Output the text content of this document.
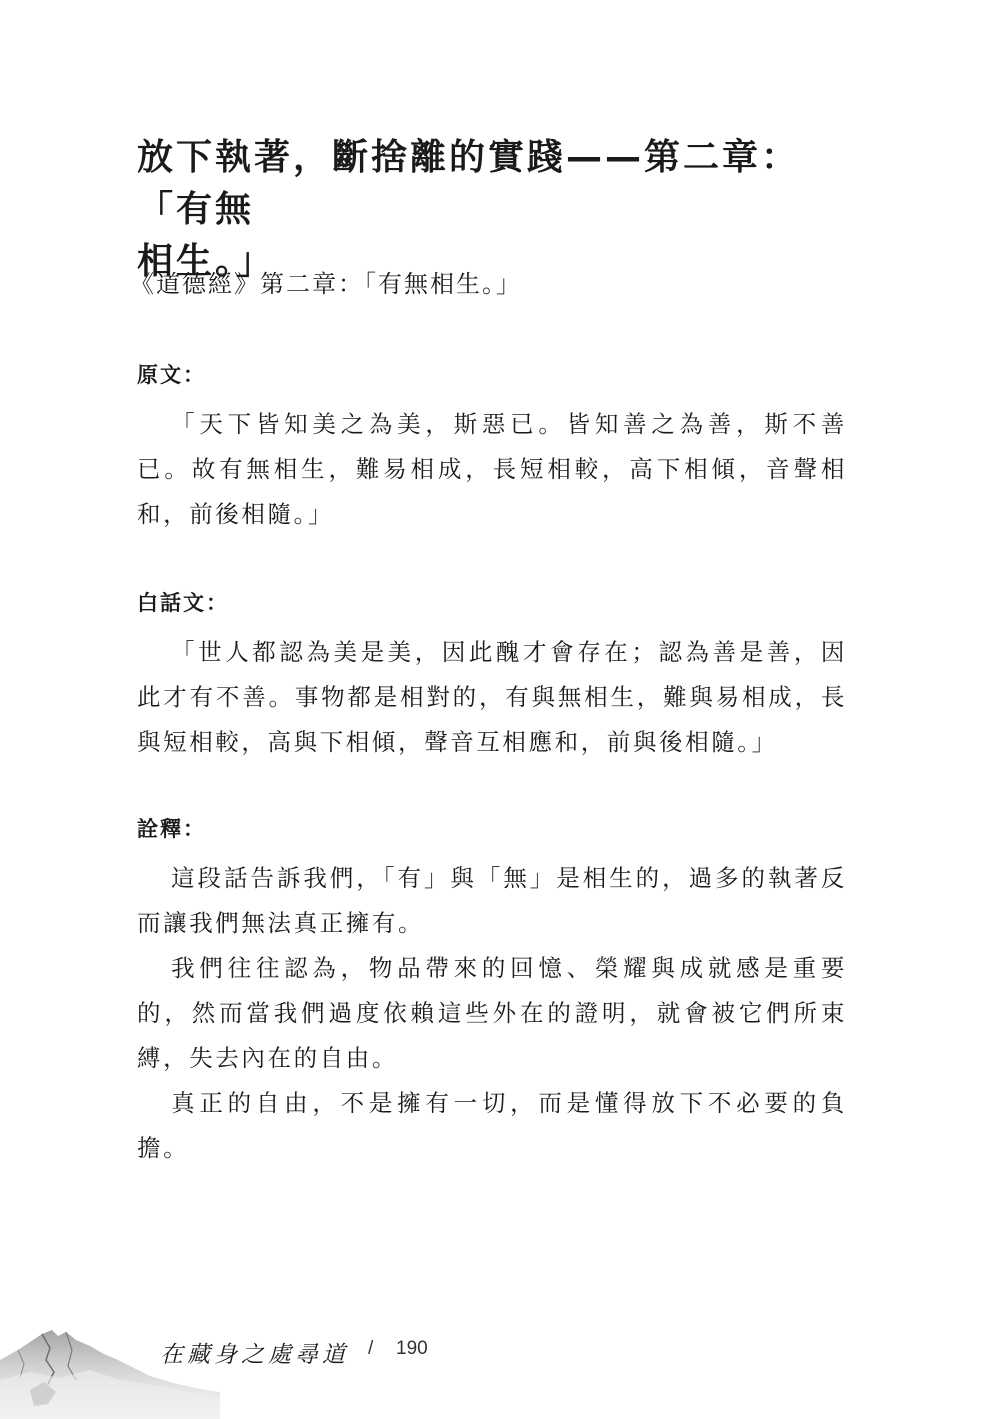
放下執著，斷捨離的實踐——第二章：「有無
相生。」

《道德經》第二章：「有無相生。」

原文：

「天下皆知美之為美，斯惡已。皆知善之為善，斯不善已。故有無相生，難易相成，長短相較，高下相傾，音聲相和，前後相隨。」

白話文：

「世人都認為美是美，因此醜才會存在；認為善是善，因此才有不善。事物都是相對的，有與無相生，難與易相成，長與短相較，高與下相傾，聲音互相應和，前與後相隨。」

詮釋：

這段話告訴我們，「有」與「無」是相生的，過多的執著反而讓我們無法真正擁有。

我們往往認為，物品帶來的回憶、榮耀與成就感是重要的，然而當我們過度依賴這些外在的證明，就會被它們所束縛，失去內在的自由。

真正的自由，不是擁有一切，而是懂得放下不必要的負擔。

在藏身之處尋道 / 190
